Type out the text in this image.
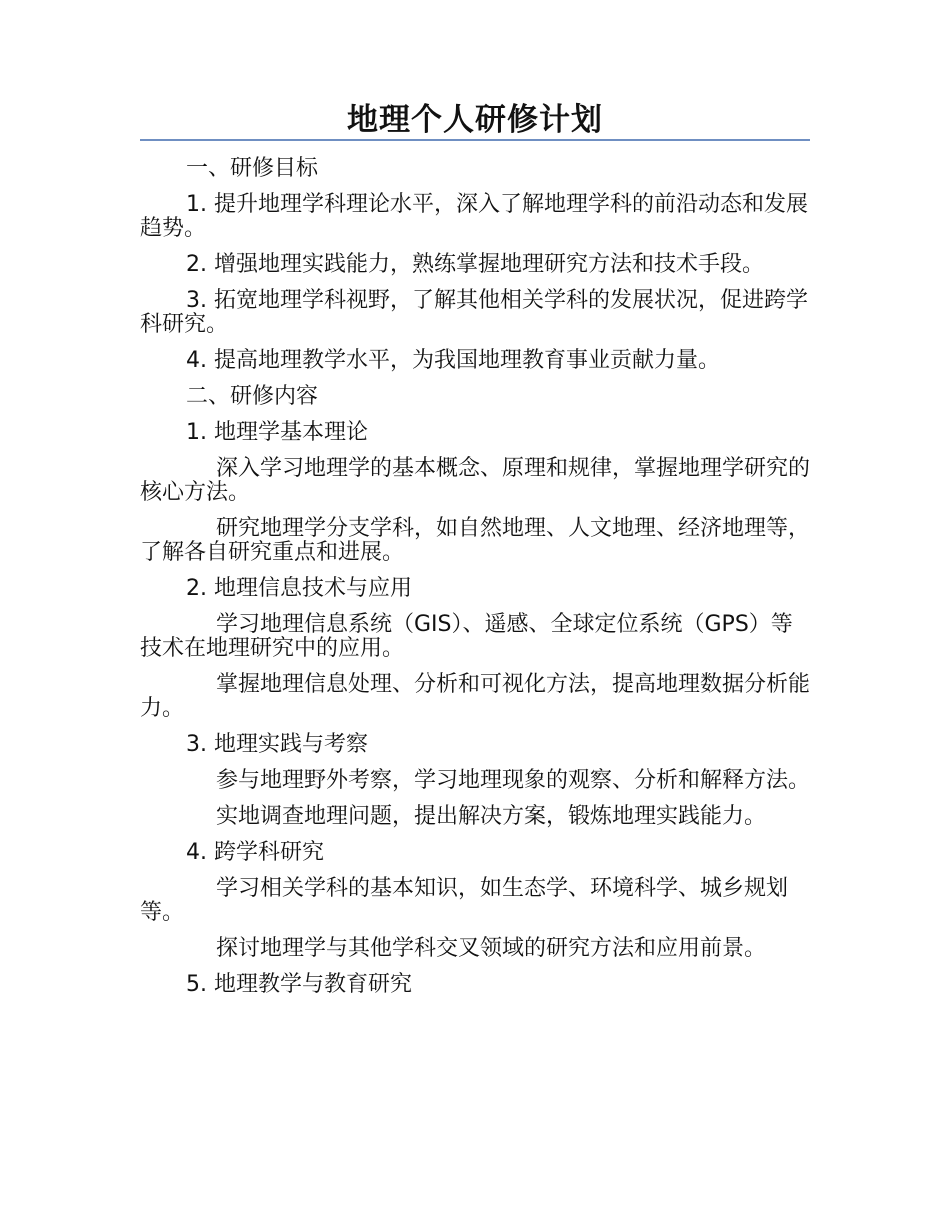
地理个人研修计划

一、研修目标

1. 提升地理学科理论水平，深入了解地理学科的前沿动态和发展趋势。

2. 增强地理实践能力，熟练掌握地理研究方法和技术手段。

3. 拓宽地理学科视野，了解其他相关学科的发展状况，促进跨学科研究。

4. 提高地理教学水平，为我国地理教育事业贡献力量。

二、研修内容

1. 地理学基本理论

深入学习地理学的基本概念、原理和规律，掌握地理学研究的核心方法。

研究地理学分支学科，如自然地理、人文地理、经济地理等，了解各自研究重点和进展。

2. 地理信息技术与应用

学习地理信息系统（GIS）、遥感、全球定位系统（GPS）等技术在地理研究中的应用。

掌握地理信息处理、分析和可视化方法，提高地理数据分析能力。

3. 地理实践与考察

参与地理野外考察，学习地理现象的观察、分析和解释方法。

实地调查地理问题，提出解决方案，锻炼地理实践能力。

4. 跨学科研究

学习相关学科的基本知识，如生态学、环境科学、城乡规划等。

探讨地理学与其他学科交叉领域的研究方法和应用前景。

5. 地理教学与教育研究
